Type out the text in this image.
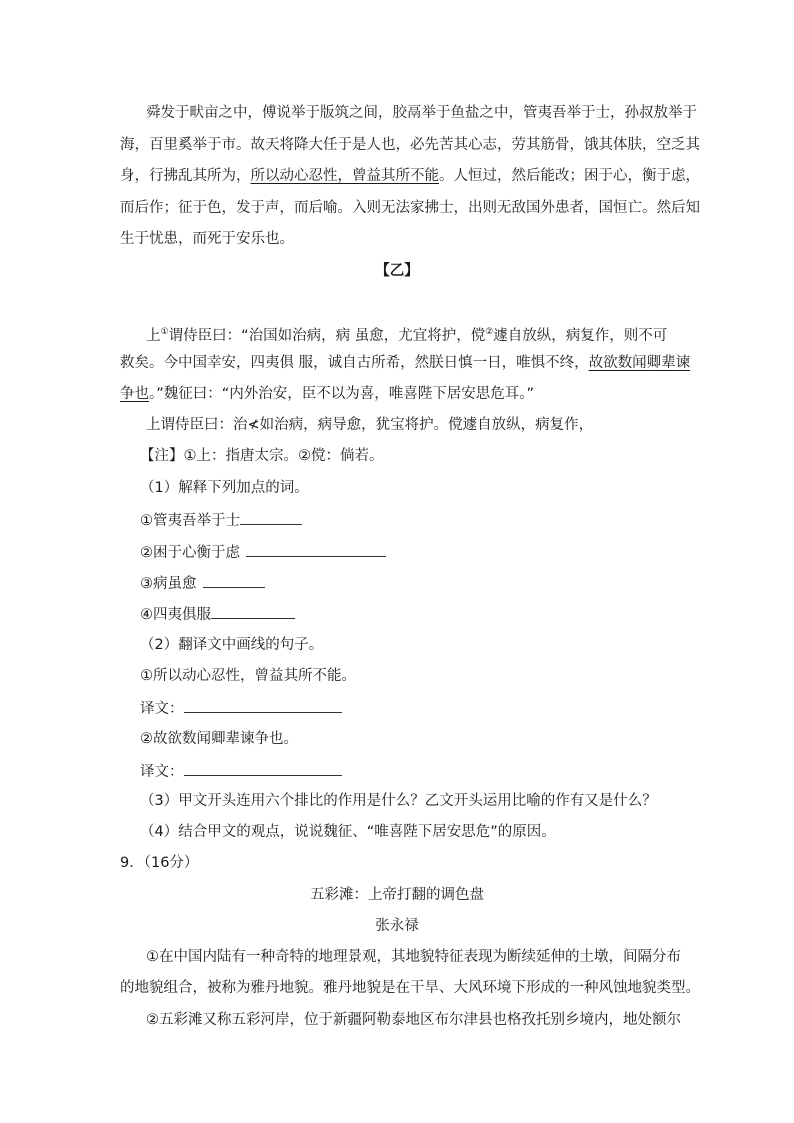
舜发于畎亩之中，傅说举于版筑之间，胶鬲举于鱼盐之中，管夷吾举于士，孙叔敖举于
海，百里奚举于市。故天将降大任于是人也，必先苦其心志，劳其筋骨，饿其体肤，空乏其
身，行拂乱其所为，所以动心忍性，曾益其所不能。人恒过，然后能改；困于心，衡于虑，
而后作；征于色，发于声，而后喻。入则无法家拂士，出则无敌国外患者，国恒亡。然后知
生于忧患，而死于安乐也。
【乙】
上①谓侍臣曰：“治国如治病，病 虽愈，尤宜将护，傥②遽自放纵，病复作，则不可
救矣。今中国幸安，四夷俱 服，诚自古所希，然朕日慎一日，唯惧不终，故欲数闻卿辈谏
争也。”魏征曰：“内外治安，臣不以为喜，唯喜陛下居安思危耳。”
上谓侍臣曰：治≮如治病，病导愈，犹宝将护。傥遽自放纵，病复作，
【注】①上：指唐太宗。②傥：倘若。
（1）解释下列加点的词。
①管夷吾举于士
②困于心衡于虑
③病虽愈
④四夷俱服
（2）翻译文中画线的句子。
①所以动心忍性，曾益其所不能。
译文：
②故欲数闻卿辈谏争也。
译文：
（3）甲文开头连用六个排比的作用是什么？乙文开头运用比喻的作有又是什么？
（4）结合甲文的观点，说说魏征、“唯喜陛下居安思危”的原因。
9．（16分）
五彩滩：上帝打翻的调色盘
张永禄
①在中国内陆有一种奇特的地理景观，其地貌特征表现为断续延伸的土墩，间隔分布
的地貌组合，被称为雅丹地貌。雅丹地貌是在干旱、大风环境下形成的一种风蚀地貌类型。
②五彩滩又称五彩河岸，位于新疆阿勒泰地区布尔津县也格孜托别乡境内，地处额尔
